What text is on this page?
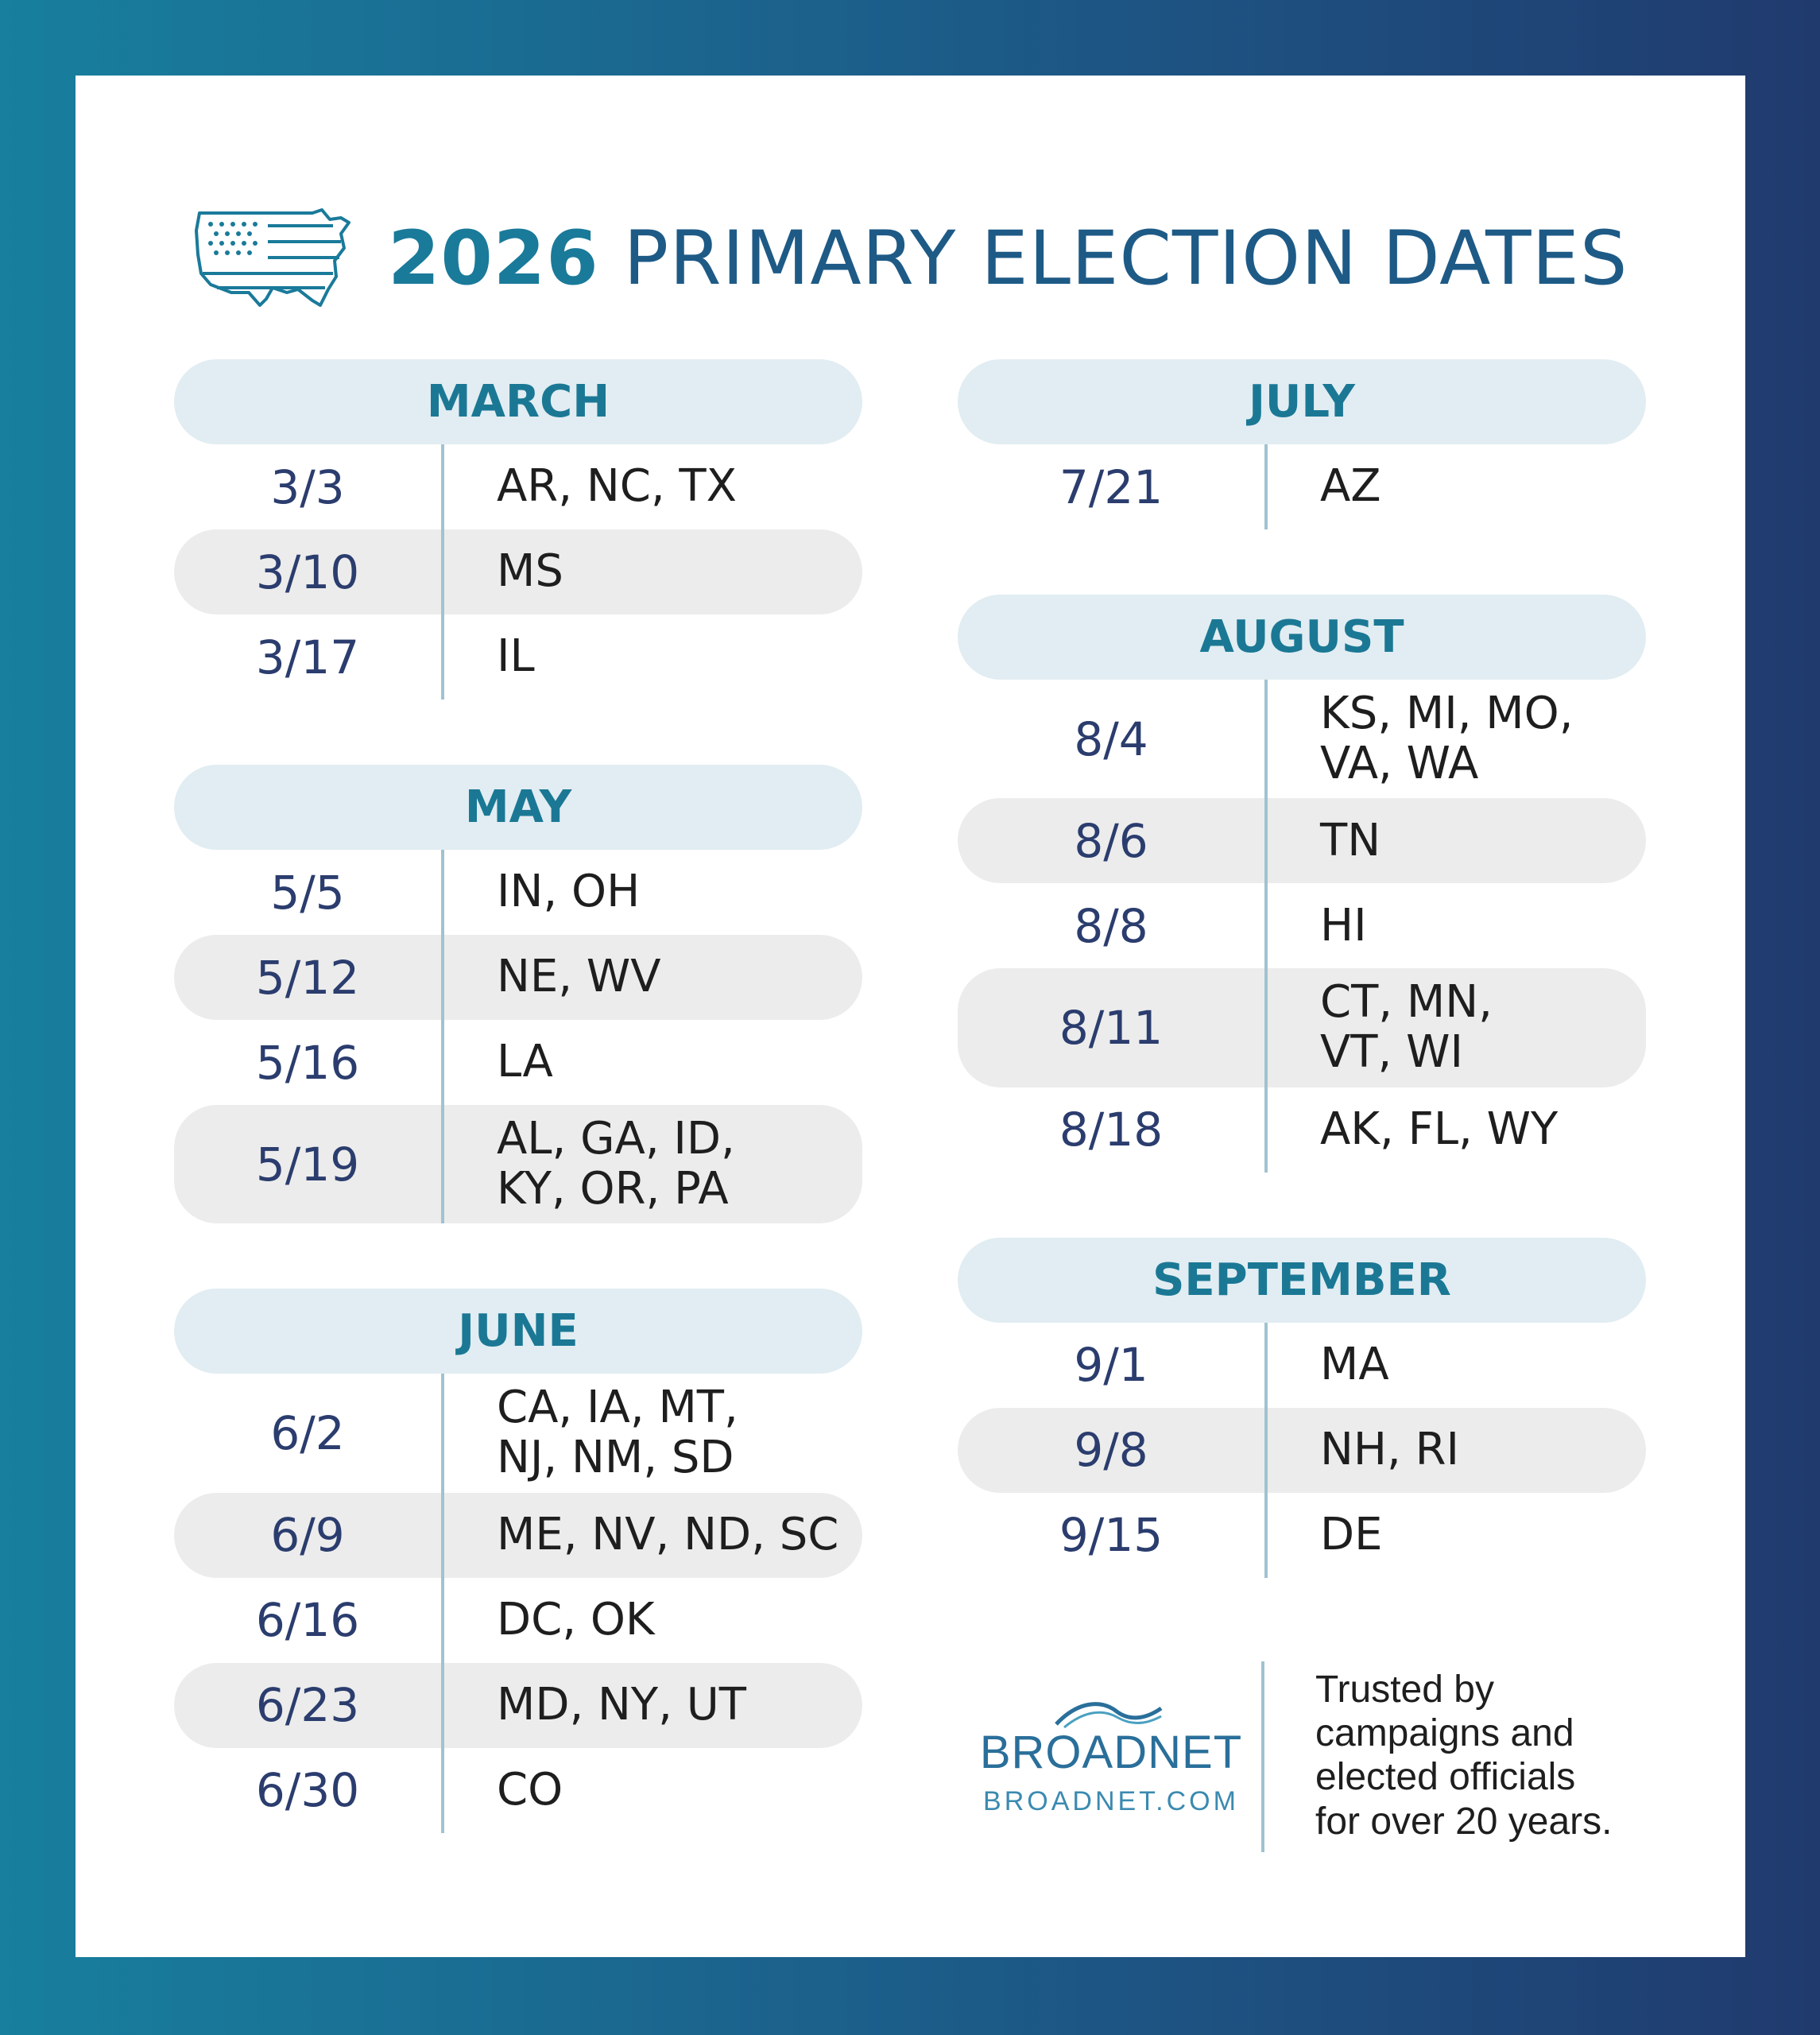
2026 PRIMARY ELECTION DATES
MARCH
3/3	AR, NC, TX
3/10	MS
3/17	IL
MAY
5/5	IN, OH
5/12	NE, WV
5/16	LA
5/19	AL, GA, ID,
KY, OR, PA
JUNE
6/2	CA, IA, MT,
NJ, NM, SD
6/9	ME, NV, ND, SC
6/16	DC, OK
6/23	MD, NY, UT
6/30	CO
JULY
7/21	AZ
AUGUST
8/4	KS, MI, MO,
VA, WA
8/6	TN
8/8	HI
8/11	CT, MN,
VT, WI
8/18	AK, FL, WY
SEPTEMBER
9/1	MA
9/8	NH, RI
9/15	DE
BROADNET
BROADNET.COM
Trusted by
campaigns and
elected officials
for over 20 years.
